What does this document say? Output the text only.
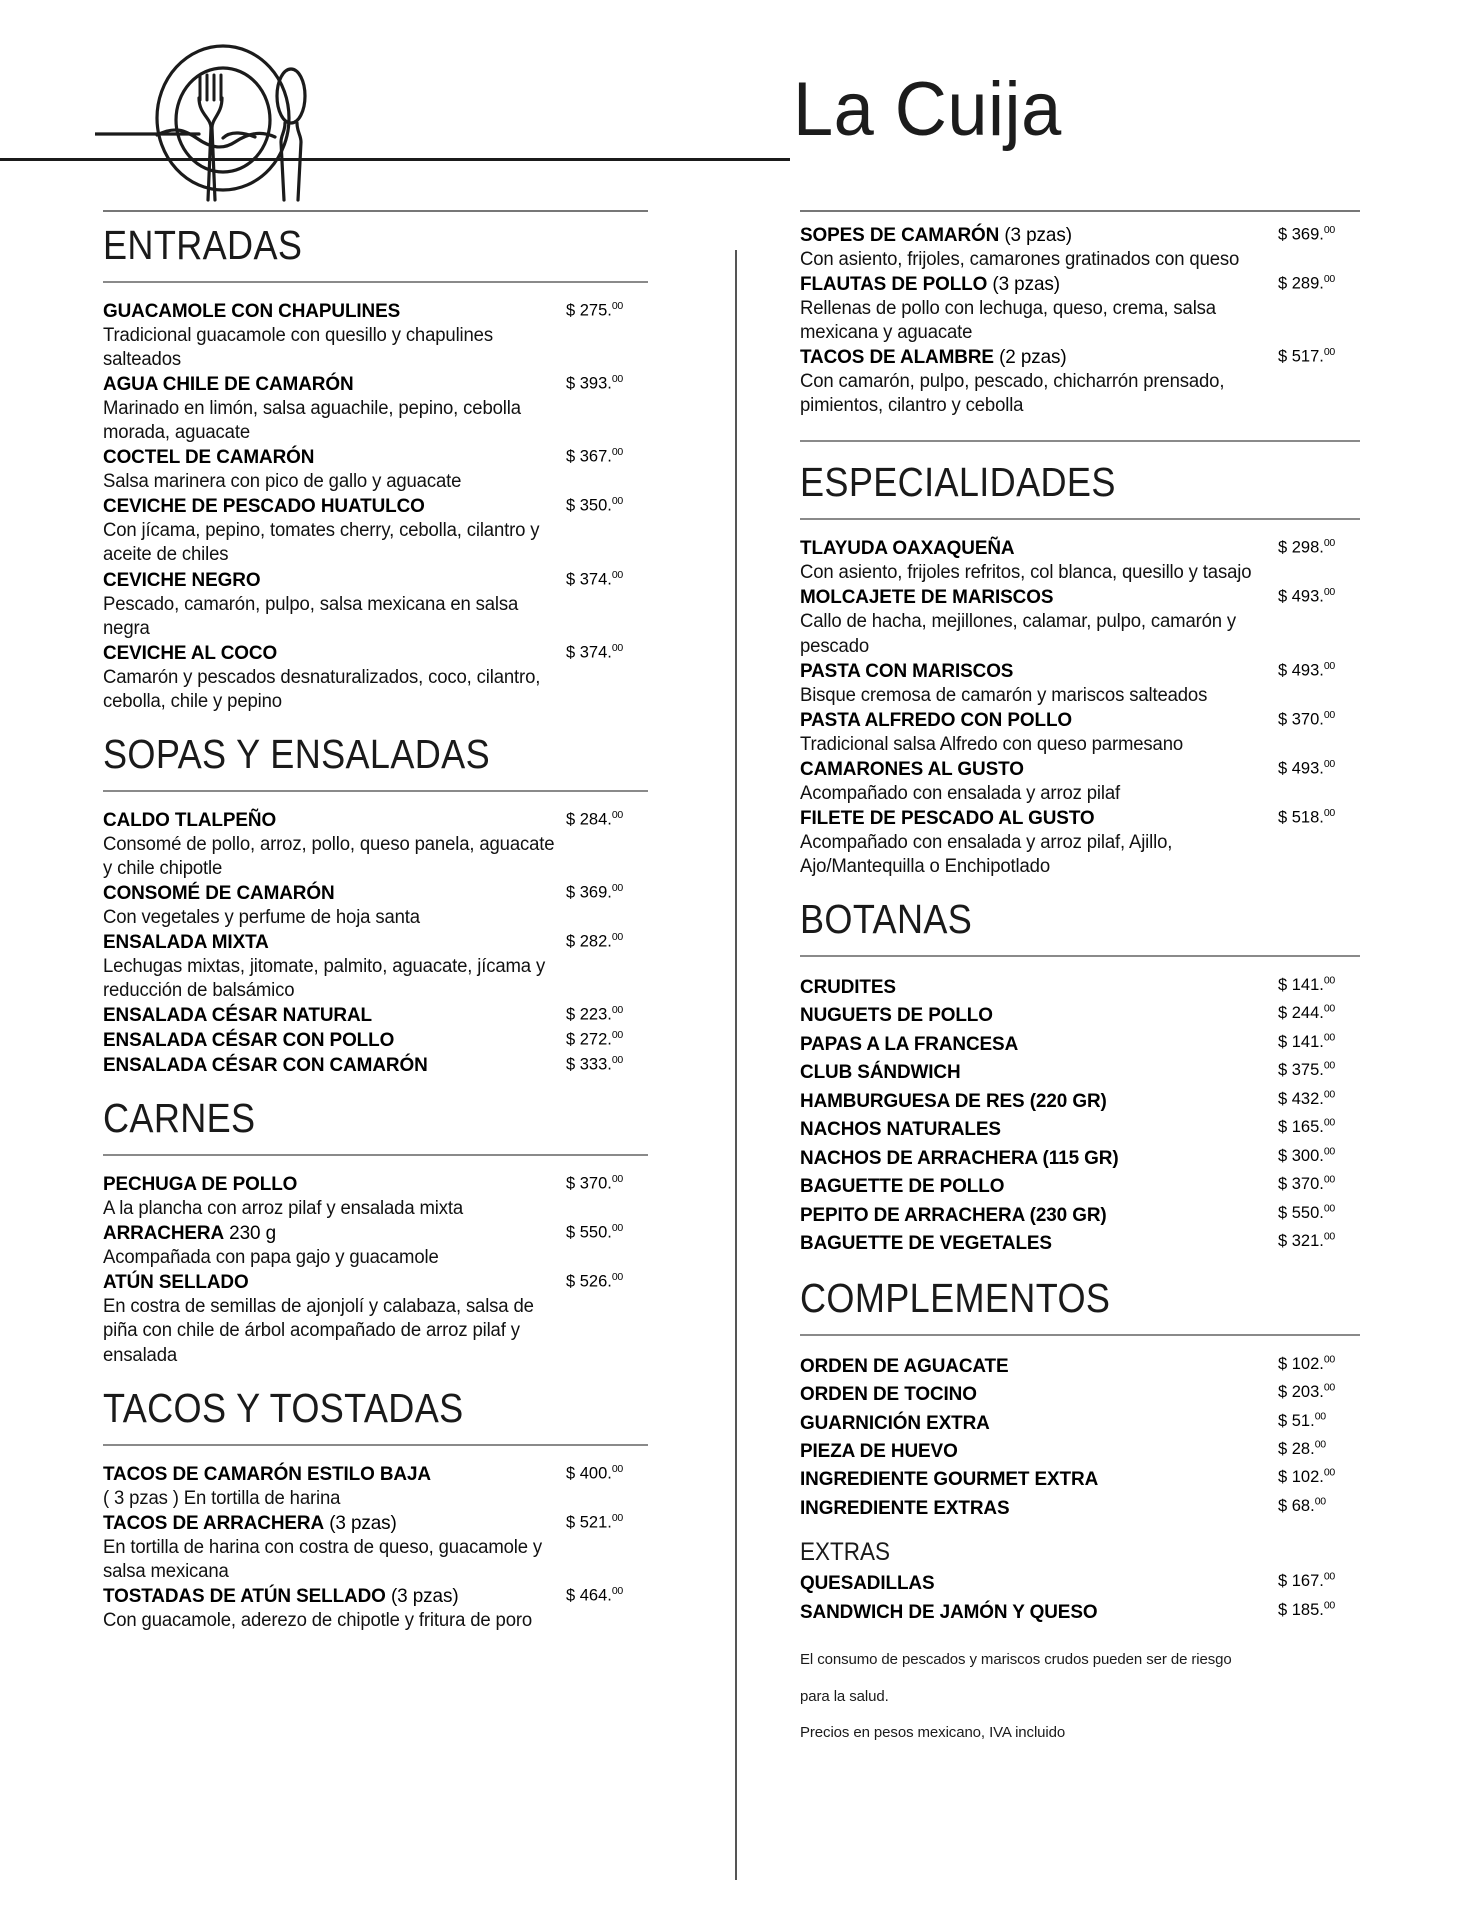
La Cuija
ENTRADAS
GUACAMOLE CON CHAPULINES	$ 275.00
Tradicional guacamole con quesillo y chapulines salteados
AGUA CHILE DE CAMARÓN	$ 393.00
Marinado en limón, salsa aguachile, pepino, cebolla morada, aguacate
COCTEL DE CAMARÓN	$ 367.00
Salsa marinera con pico de gallo y aguacate
CEVICHE DE PESCADO HUATULCO	$ 350.00
Con jícama, pepino, tomates cherry, cebolla, cilantro y aceite de chiles
CEVICHE NEGRO	$ 374.00
Pescado, camarón, pulpo, salsa mexicana en salsa negra
CEVICHE AL COCO	$ 374.00
Camarón y pescados desnaturalizados, coco, cilantro, cebolla, chile y pepino
SOPAS Y ENSALADAS
CALDO TLALPEÑO	$ 284.00
Consomé de pollo, arroz, pollo, queso panela, aguacate y chile chipotle
CONSOMÉ DE CAMARÓN	$ 369.00
Con vegetales y perfume de hoja santa
ENSALADA MIXTA	$ 282.00
Lechugas mixtas, jitomate, palmito, aguacate, jícama y reducción de balsámico
ENSALADA CÉSAR NATURAL	$ 223.00
ENSALADA CÉSAR CON POLLO	$ 272.00
ENSALADA CÉSAR CON CAMARÓN	$ 333.00
CARNES
PECHUGA DE POLLO	$ 370.00
A la plancha con arroz pilaf y ensalada mixta
ARRACHERA 230 g	$ 550.00
Acompañada con papa gajo y guacamole
ATÚN SELLADO	$ 526.00
En costra de semillas de ajonjolí y calabaza, salsa de piña con chile de árbol acompañado de arroz pilaf y ensalada
TACOS Y TOSTADAS
TACOS DE CAMARÓN ESTILO BAJA	$ 400.00
( 3 pzas ) En tortilla de harina
TACOS DE ARRACHERA (3 pzas)	$ 521.00
En tortilla de harina con costra de queso, guacamole y salsa mexicana
TOSTADAS DE ATÚN SELLADO (3 pzas)	$ 464.00
Con guacamole, aderezo de chipotle y fritura de poro
SOPES DE CAMARÓN (3 pzas)	$ 369.00
Con asiento, frijoles, camarones gratinados con queso
FLAUTAS DE POLLO (3 pzas)	$ 289.00
Rellenas de pollo con lechuga, queso, crema, salsa mexicana y aguacate
TACOS DE ALAMBRE (2 pzas)	$ 517.00
Con camarón, pulpo, pescado, chicharrón prensado, pimientos, cilantro y cebolla
ESPECIALIDADES
TLAYUDA OAXAQUEÑA	$ 298.00
Con asiento, frijoles refritos, col blanca, quesillo y tasajo
MOLCAJETE DE MARISCOS	$ 493.00
Callo de hacha, mejillones, calamar, pulpo, camarón y pescado
PASTA CON MARISCOS	$ 493.00
Bisque cremosa de camarón y mariscos salteados
PASTA ALFREDO CON POLLO	$ 370.00
Tradicional salsa Alfredo con queso parmesano
CAMARONES AL GUSTO	$ 493.00
Acompañado con ensalada y arroz pilaf
FILETE DE PESCADO AL GUSTO	$ 518.00
Acompañado con ensalada y arroz pilaf, Ajillo, Ajo/Mantequilla o Enchipotlado
BOTANAS
CRUDITES	$ 141.00
NUGUETS DE POLLO	$ 244.00
PAPAS A LA FRANCESA	$ 141.00
CLUB SÁNDWICH	$ 375.00
HAMBURGUESA DE RES (220 GR)	$ 432.00
NACHOS NATURALES	$ 165.00
NACHOS DE ARRACHERA (115 GR)	$ 300.00
BAGUETTE DE POLLO	$ 370.00
PEPITO DE ARRACHERA (230 GR)	$ 550.00
BAGUETTE DE VEGETALES	$ 321.00
COMPLEMENTOS
ORDEN DE AGUACATE	$ 102.00
ORDEN DE TOCINO	$ 203.00
GUARNICIÓN EXTRA	$ 51.00
PIEZA DE HUEVO	$ 28.00
INGREDIENTE GOURMET EXTRA	$ 102.00
INGREDIENTE EXTRAS	$ 68.00
EXTRAS
QUESADILLAS	$ 167.00
SANDWICH DE JAMÓN Y QUESO	$ 185.00
El consumo de pescados y mariscos crudos pueden ser de riesgo
para la salud.
Precios en pesos mexicano, IVA incluido
